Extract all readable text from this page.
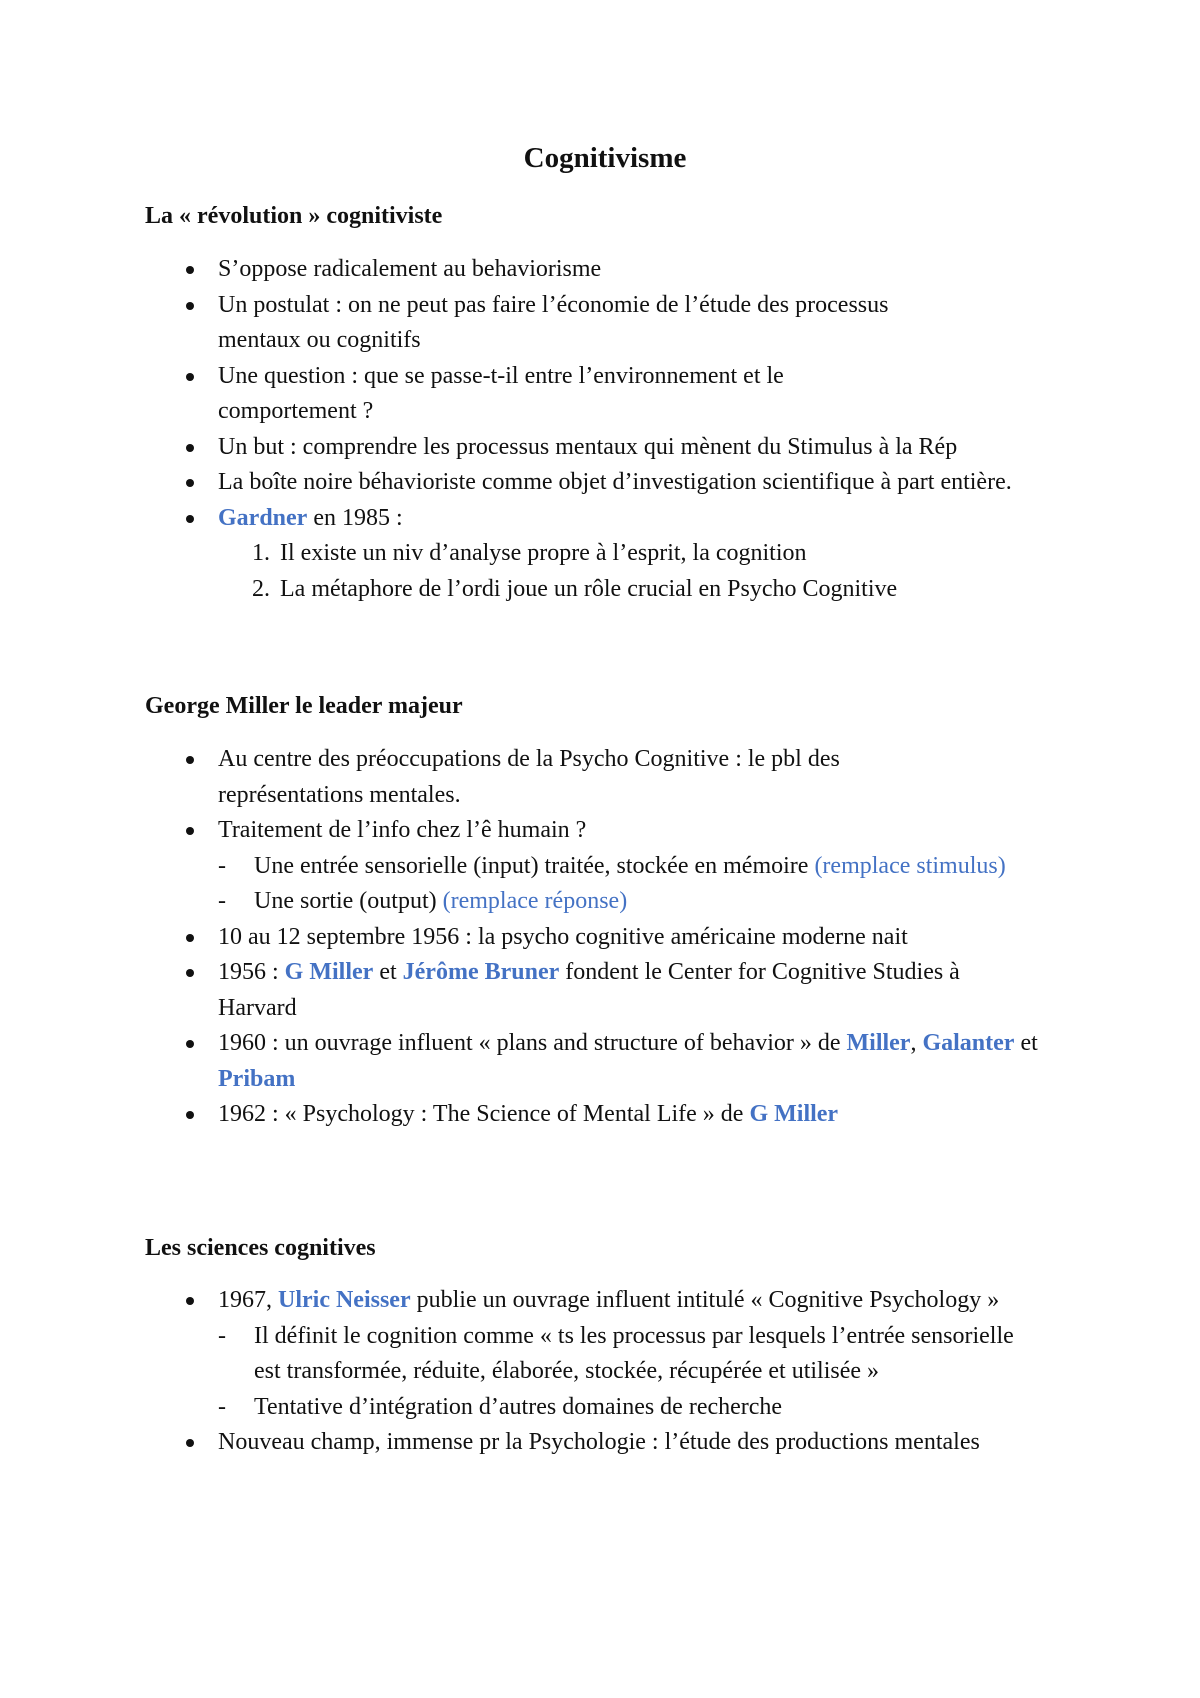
Cognitivisme
La « révolution » cognitiviste
S’oppose radicalement au behaviorisme
Un postulat : on ne peut pas faire l’économie de l’étude des processus mentaux ou cognitifs
Une question : que se passe-t-il entre l’environnement et le comportement ?
Un but : comprendre les processus mentaux qui mènent du Stimulus à la Rép
La boîte noire béhavioriste comme objet d’investigation scientifique à part entière.
Gardner en 1985 :
1. Il existe un niv d’analyse propre à l’esprit, la cognition
2. La métaphore de l’ordi joue un rôle crucial en Psycho Cognitive
George Miller le leader majeur
Au centre des préoccupations de la Psycho Cognitive : le pbl des représentations mentales.
Traitement de l’info chez l’ê humain ?
- Une entrée sensorielle (input) traitée, stockée en mémoire (remplace stimulus)
- Une sortie (output) (remplace réponse)
10 au 12 septembre 1956 : la psycho cognitive américaine moderne nait
1956 : G Miller et Jérôme Bruner fondent le Center for Cognitive Studies à Harvard
1960 : un ouvrage influent « plans and structure of behavior » de Miller, Galanter et Pribam
1962 : « Psychology : The Science of Mental Life » de G Miller
Les sciences cognitives
1967, Ulric Neisser publie un ouvrage influent intitulé « Cognitive Psychology »
- Il définit le cognition comme « ts les processus par lesquels l’entrée sensorielle est transformée, réduite, élaborée, stockée, récupérée et utilisée »
- Tentative d’intégration d’autres domaines de recherche
Nouveau champ, immense pr la Psychologie : l’étude des productions mentales
